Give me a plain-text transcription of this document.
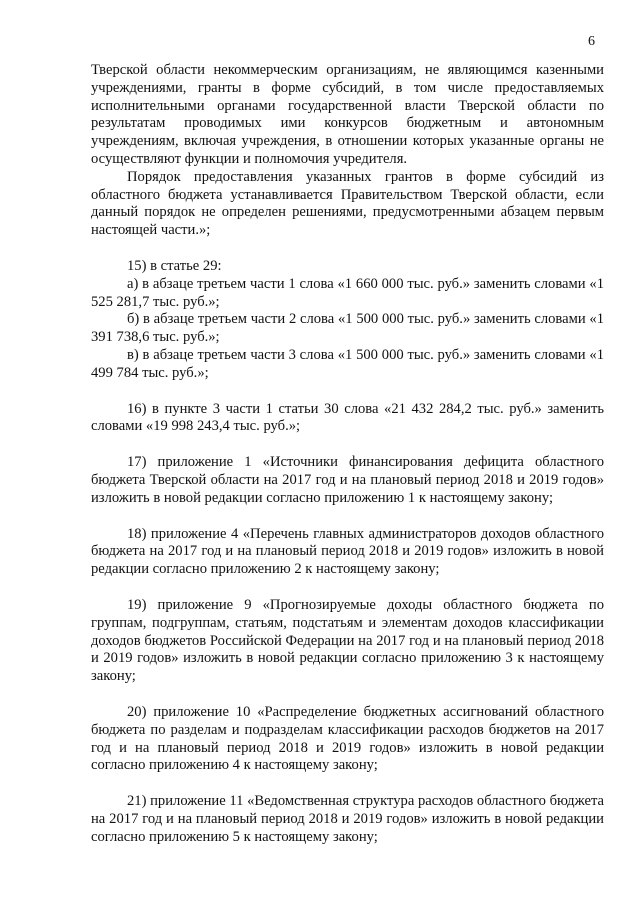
6

Тверской области некоммерческим организациям, не являющимся казенными учреждениями, гранты в форме субсидий, в том числе предоставляемых исполнительными органами государственной власти Тверской области по результатам проводимых ими конкурсов бюджетным и автономным учреждениям, включая учреждения, в отношении которых указанные органы не осуществляют функции и полномочия учредителя.

Порядок предоставления указанных грантов в форме субсидий из областного бюджета устанавливается Правительством Тверской области, если данный порядок не определен решениями, предусмотренными абзацем первым настоящей части.»;

15) в статье 29:

а) в абзаце третьем части 1 слова «1 660 000 тыс. руб.» заменить словами «1 525 281,7 тыс. руб.»;

б) в абзаце третьем части 2 слова «1 500 000 тыс. руб.» заменить словами «1 391 738,6 тыс. руб.»;

в) в абзаце третьем части 3 слова «1 500 000 тыс. руб.» заменить словами «1 499 784 тыс. руб.»;

16) в пункте 3 части 1 статьи 30 слова «21 432 284,2 тыс. руб.» заменить словами «19 998 243,4 тыс. руб.»;

17) приложение 1 «Источники финансирования дефицита областного бюджета Тверской области на 2017 год и на плановый период 2018 и 2019 годов» изложить в новой редакции согласно приложению 1 к настоящему закону;

18) приложение 4 «Перечень главных администраторов доходов областного бюджета на 2017 год и на плановый период 2018 и 2019 годов» изложить в новой редакции согласно приложению 2 к настоящему закону;

19) приложение 9 «Прогнозируемые доходы областного бюджета по группам, подгруппам, статьям, подстатьям и элементам доходов классификации доходов бюджетов Российской Федерации на 2017 год и на плановый период 2018 и 2019 годов» изложить в новой редакции согласно приложению 3 к настоящему закону;

20) приложение 10 «Распределение бюджетных ассигнований областного бюджета по разделам и подразделам классификации расходов бюджетов на 2017 год и на плановый период 2018 и 2019 годов» изложить в новой редакции согласно приложению 4 к настоящему закону;

21) приложение 11 «Ведомственная структура расходов областного бюджета на 2017 год и на плановый период 2018 и 2019 годов» изложить в новой редакции согласно приложению 5 к настоящему закону;
